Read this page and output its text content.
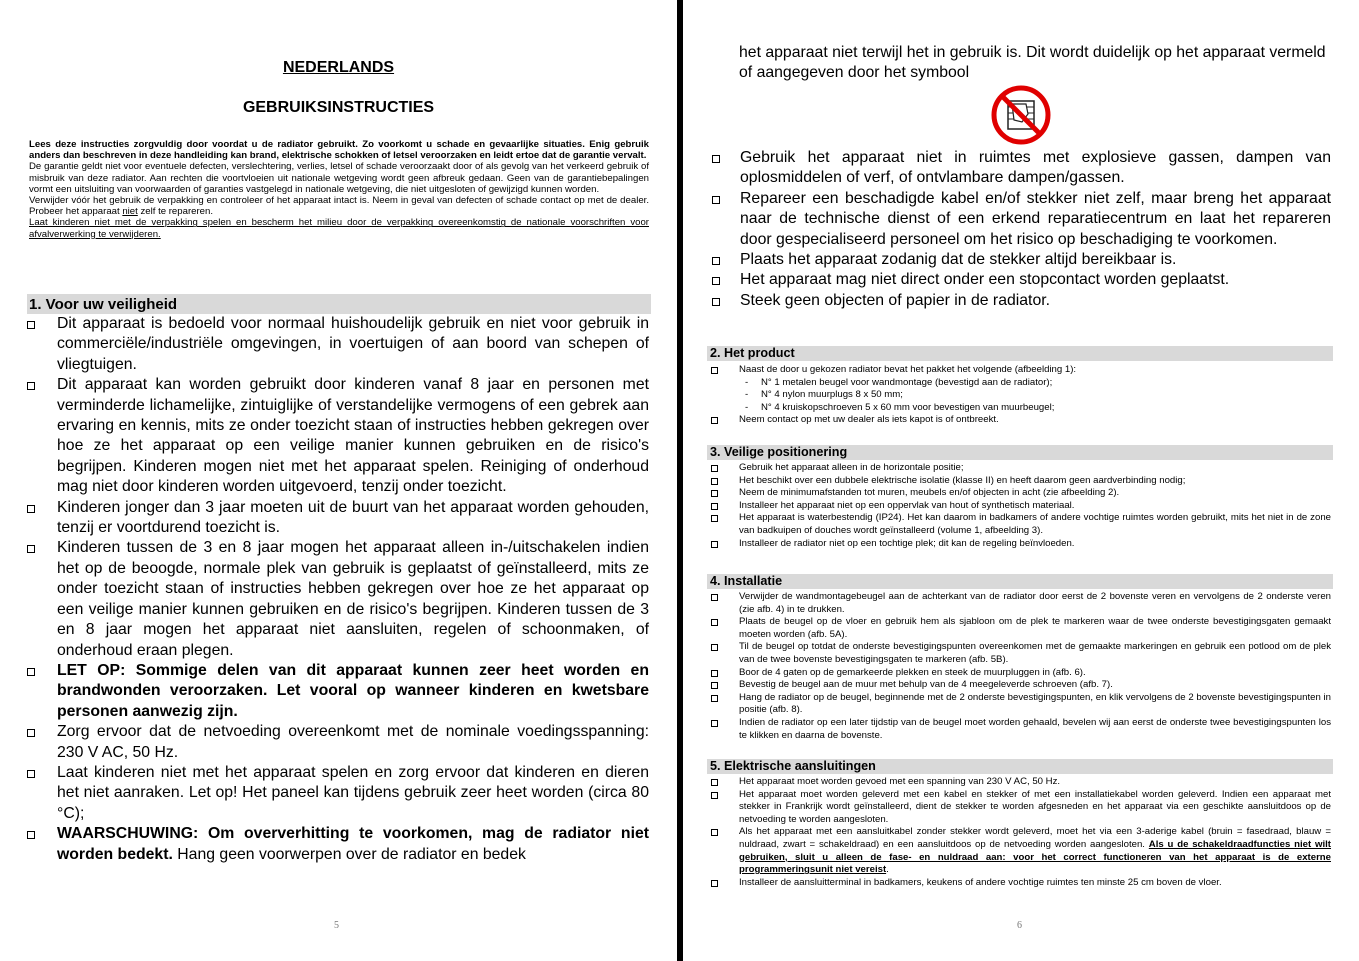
NEDERLANDS
GEBRUIKSINSTRUCTIES

Lees deze instructies zorgvuldig door voordat u de radiator gebruikt. Zo voorkomt u schade en gevaarlijke situaties. Enig gebruik anders dan beschreven in deze handleiding kan brand, elektrische schokken of letsel veroorzaken en leidt ertoe dat de garantie vervalt.

De garantie geldt niet voor eventuele defecten, verslechtering, verlies, letsel of schade veroorzaakt door of als gevolg van het verkeerd gebruik of misbruik van deze radiator. Aan rechten die voortvloeien uit nationale wetgeving wordt geen afbreuk gedaan. Geen van de garantiebepalingen vormt een uitsluiting van voorwaarden of garanties vastgelegd in nationale wetgeving, die niet uitgesloten of gewijzigd kunnen worden.

Verwijder vóór het gebruik de verpakking en controleer of het apparaat intact is. Neem in geval van defecten of schade contact op met de dealer. Probeer het apparaat niet zelf te repareren.

Laat kinderen niet met de verpakking spelen en bescherm het milieu door de verpakking overeenkomstig de nationale voorschriften voor afvalverwerking te verwijderen.

1. Voor uw veiligheid
Dit apparaat is bedoeld voor normaal huishoudelijk gebruik en niet voor gebruik in commerciële/industriële omgevingen, in voertuigen of aan boord van schepen of vliegtuigen.
Dit apparaat kan worden gebruikt door kinderen vanaf 8 jaar en personen met verminderde lichamelijke, zintuiglijke of verstandelijke vermogens of een gebrek aan ervaring en kennis, mits ze onder toezicht staan of instructies hebben gekregen over hoe ze het apparaat op een veilige manier kunnen gebruiken en de risico's begrijpen. Kinderen mogen niet met het apparaat spelen. Reiniging of onderhoud mag niet door kinderen worden uitgevoerd, tenzij onder toezicht.
Kinderen jonger dan 3 jaar moeten uit de buurt van het apparaat worden gehouden, tenzij er voortdurend toezicht is.
Kinderen tussen de 3 en 8 jaar mogen het apparaat alleen in-/uitschakelen indien het op de beoogde, normale plek van gebruik is geplaatst of geïnstalleerd, mits ze onder toezicht staan of instructies hebben gekregen over hoe ze het apparaat op een veilige manier kunnen gebruiken en de risico's begrijpen. Kinderen tussen de 3 en 8 jaar mogen het apparaat niet aansluiten, regelen of schoonmaken, of onderhoud eraan plegen.
LET OP: Sommige delen van dit apparaat kunnen zeer heet worden en brandwonden veroorzaken. Let vooral op wanneer kinderen en kwetsbare personen aanwezig zijn.
Zorg ervoor dat de netvoeding overeenkomt met de nominale voedingsspanning: 230 V AC, 50 Hz.
Laat kinderen niet met het apparaat spelen en zorg ervoor dat kinderen en dieren het niet aanraken. Let op! Het paneel kan tijdens gebruik zeer heet worden (circa 80 °C);
WAARSCHUWING: Om oververhitting te voorkomen, mag de radiator niet worden bedekt. Hang geen voorwerpen over de radiator en bedek
5
het apparaat niet terwijl het in gebruik is. Dit wordt duidelijk op het apparaat vermeld of aangegeven door het symbool
Gebruik het apparaat niet in ruimtes met explosieve gassen, dampen van oplosmiddelen of verf, of ontvlambare dampen/gassen.
Repareer een beschadigde kabel en/of stekker niet zelf, maar breng het apparaat naar de technische dienst of een erkend reparatiecentrum en laat het repareren door gespecialiseerd personeel om het risico op beschadiging te voorkomen.
Plaats het apparaat zodanig dat de stekker altijd bereikbaar is.
Het apparaat mag niet direct onder een stopcontact worden geplaatst.
Steek geen objecten of papier in de radiator.
2. Het product
Naast de door u gekozen radiator bevat het pakket het volgende (afbeelding 1):
- N° 1 metalen beugel voor wandmontage (bevestigd aan de radiator);
- N° 4 nylon muurplugs 8 x 50 mm;
- N° 4 kruiskopschroeven 5 x 60 mm voor bevestigen van muurbeugel;
Neem contact op met uw dealer als iets kapot is of ontbreekt.
3. Veilige positionering
Gebruik het apparaat alleen in de horizontale positie;
Het beschikt over een dubbele elektrische isolatie (klasse II) en heeft daarom geen aardverbinding nodig;
Neem de minimumafstanden tot muren, meubels en/of objecten in acht (zie afbeelding 2).
Installeer het apparaat niet op een oppervlak van hout of synthetisch materiaal.
Het apparaat is waterbestendig (IP24). Het kan daarom in badkamers of andere vochtige ruimtes worden gebruikt, mits het niet in de zone van badkuipen of douches wordt geïnstalleerd (volume 1, afbeelding 3).
Installeer de radiator niet op een tochtige plek; dit kan de regeling beïnvloeden.
4. Installatie
Verwijder de wandmontagebeugel aan de achterkant van de radiator door eerst de 2 bovenste veren en vervolgens de 2 onderste veren (zie afb. 4) in te drukken.
Plaats de beugel op de vloer en gebruik hem als sjabloon om de plek te markeren waar de twee onderste bevestigingsgaten gemaakt moeten worden (afb. 5A).
Til de beugel op totdat de onderste bevestigingspunten overeenkomen met de gemaakte markeringen en gebruik een potlood om de plek van de twee bovenste bevestigingsgaten te markeren (afb. 5B).
Boor de 4 gaten op de gemarkeerde plekken en steek de muurpluggen in (afb. 6).
Bevestig de beugel aan de muur met behulp van de 4 meegeleverde schroeven (afb. 7).
Hang de radiator op de beugel, beginnende met de 2 onderste bevestigingspunten, en klik vervolgens de 2 bovenste bevestigingspunten in positie (afb. 8).
Indien de radiator op een later tijdstip van de beugel moet worden gehaald, bevelen wij aan eerst de onderste twee bevestigingspunten los te klikken en daarna de bovenste.
5. Elektrische aansluitingen
Het apparaat moet worden gevoed met een spanning van 230 V AC, 50 Hz.
Het apparaat moet worden geleverd met een kabel en stekker of met een installatiekabel worden geleverd. Indien een apparaat met stekker in Frankrijk wordt geïnstalleerd, dient de stekker te worden afgesneden en het apparaat via een geschikte aansluitdoos op de netvoeding te worden aangesloten.
Als het apparaat met een aansluitkabel zonder stekker wordt geleverd, moet het via een 3-aderige kabel (bruin = fasedraad, blauw = nuldraad, zwart = schakeldraad) en een aansluitdoos op de netvoeding worden aangesloten. Als u de schakeldraadfuncties niet wilt gebruiken, sluit u alleen de fase- en nuldraad aan: voor het correct functioneren van het apparaat is de externe programmeringsunit niet vereist.
Installeer de aansluitterminal in badkamers, keukens of andere vochtige ruimtes ten minste 25 cm boven de vloer.
6
